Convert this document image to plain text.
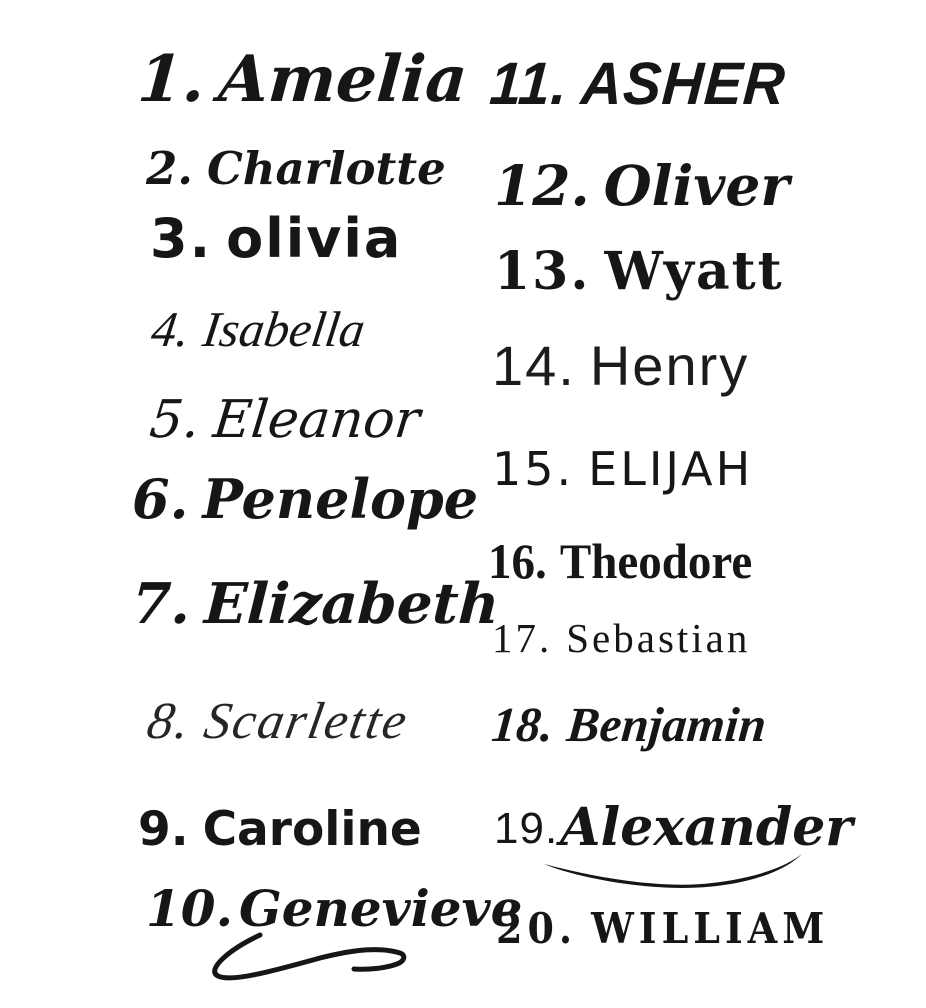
1. Amelia
2. Charlotte
3. olivia
4. Isabella
5. Eleanor
6. Penelope
7. Elizabeth
8.Scarlette
9. Caroline
10. Genevieve
11. ASHER
12. Oliver
13. Wyatt
14. Henry
15. ELIJAH
16. Theodore
17. Sebastian
18. Benjamin
19.Alexander
20. WILLIAM
